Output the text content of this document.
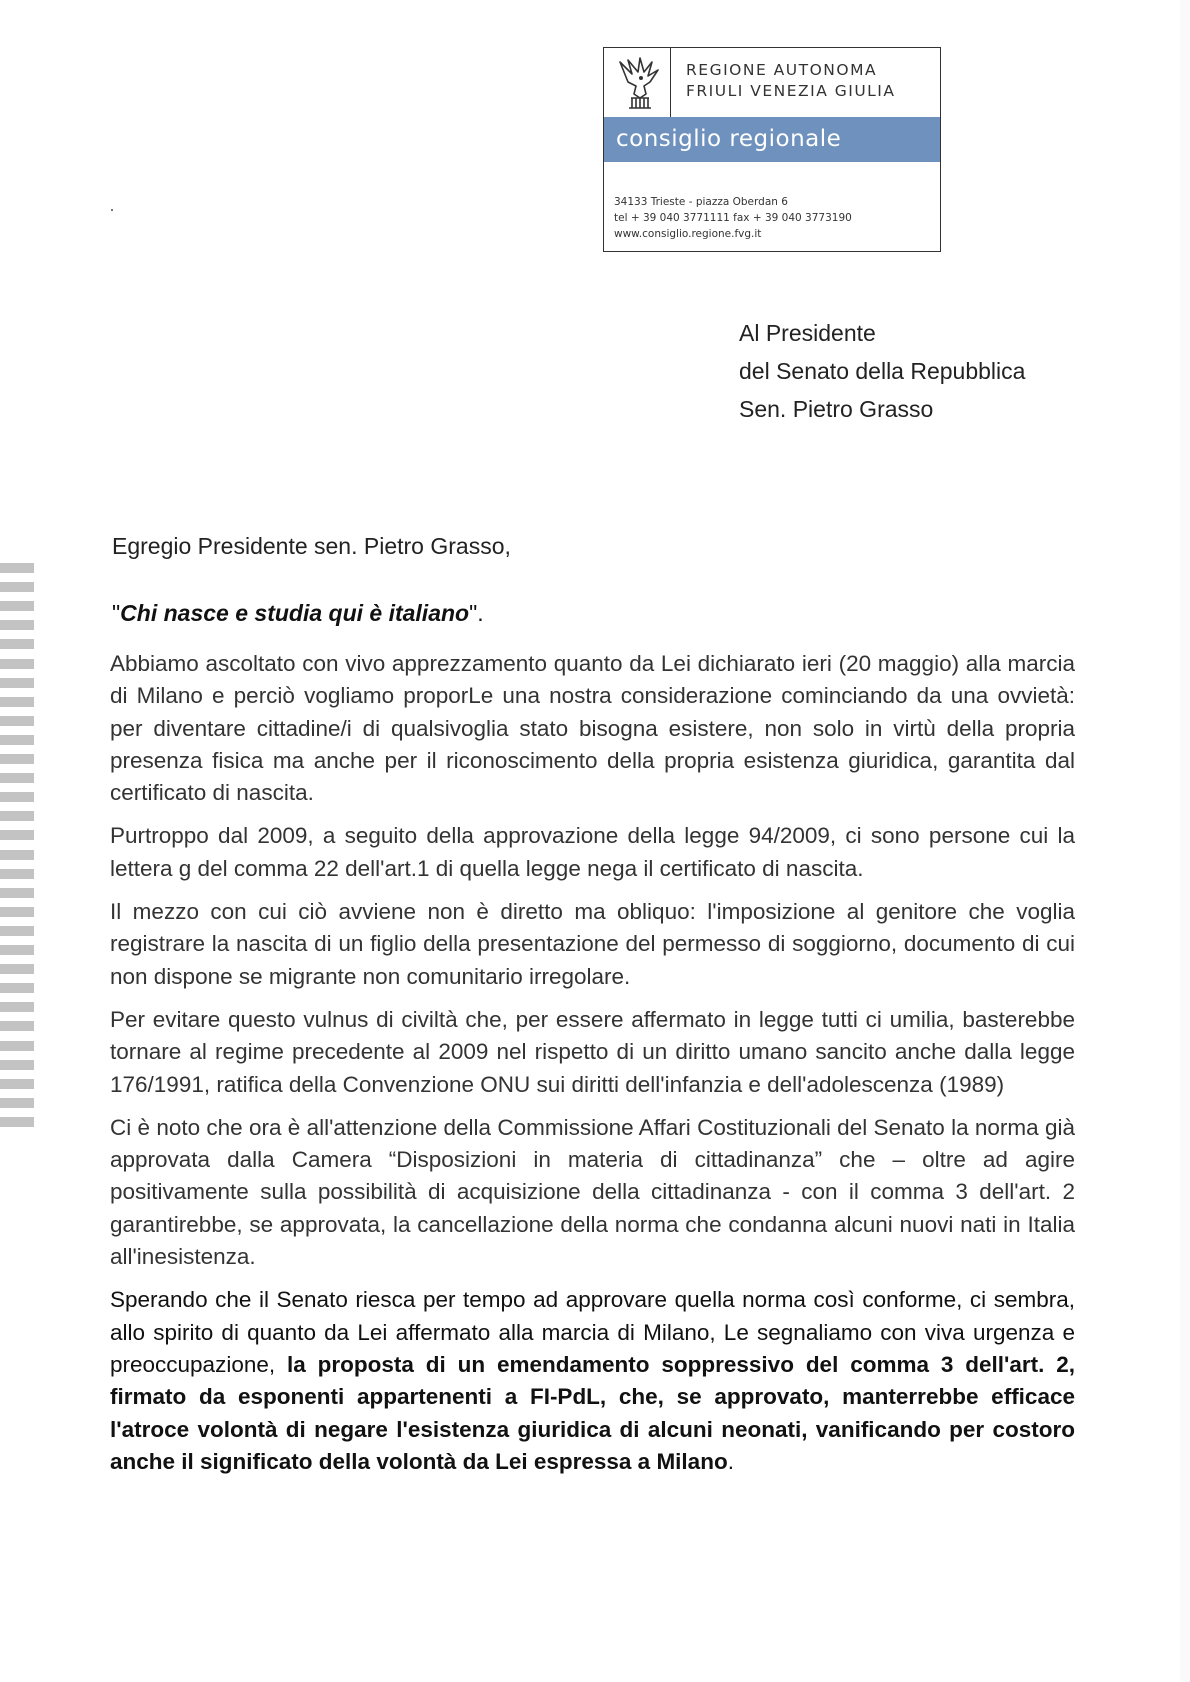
REGIONE AUTONOMA
FRIULI VENEZIA GIULIA
consiglio regionale
34133 Trieste - piazza Oberdan 6
tel + 39 040 3771111 fax + 39 040 3773190
www.consiglio.regione.fvg.it
Al Presidente
del Senato della Repubblica
Sen. Pietro Grasso
Egregio Presidente sen. Pietro Grasso,
"Chi nasce e studia qui è italiano".

Abbiamo ascoltato con vivo apprezzamento quanto da Lei dichiarato ieri (20 maggio) alla marcia di Milano e perciò vogliamo proporLe una nostra considerazione cominciando da una ovvietà: per diventare cittadine/i di qualsivoglia stato bisogna esistere, non solo in virtù della propria presenza fisica ma anche per il riconoscimento della propria esistenza giuridica, garantita dal certificato di nascita.

Purtroppo dal 2009, a seguito della approvazione della legge 94/2009, ci sono persone cui la lettera g del comma 22 dell'art.1 di quella legge nega il certificato di nascita.

Il mezzo con cui ciò avviene non è diretto ma obliquo: l'imposizione al genitore che voglia registrare la nascita di un figlio della presentazione del permesso di soggiorno, documento di cui non dispone se migrante non comunitario irregolare.

Per evitare questo vulnus di civiltà che, per essere affermato in legge tutti ci umilia, basterebbe tornare al regime precedente al 2009 nel rispetto di un diritto umano sancito anche dalla legge 176/1991, ratifica della Convenzione ONU sui diritti dell'infanzia e dell'adolescenza (1989)

Ci è noto che ora è all'attenzione della Commissione Affari Costituzionali del Senato la norma già approvata dalla Camera “Disposizioni in materia di cittadinanza” che – oltre ad agire positivamente sulla possibilità di acquisizione della cittadinanza - con il comma 3 dell'art. 2 garantirebbe, se approvata, la cancellazione della norma che condanna alcuni nuovi nati in Italia all'inesistenza.

Sperando che il Senato riesca per tempo ad approvare quella norma così conforme, ci sembra, allo spirito di quanto da Lei affermato alla marcia di Milano, Le segnaliamo con viva urgenza e preoccupazione, la proposta di un emendamento soppressivo del comma 3 dell'art. 2, firmato da esponenti appartenenti a FI-PdL, che, se approvato, manterrebbe efficace l'atroce volontà di negare l'esistenza giuridica di alcuni neonati, vanificando per costoro anche il significato della volontà da Lei espressa a Milano.
